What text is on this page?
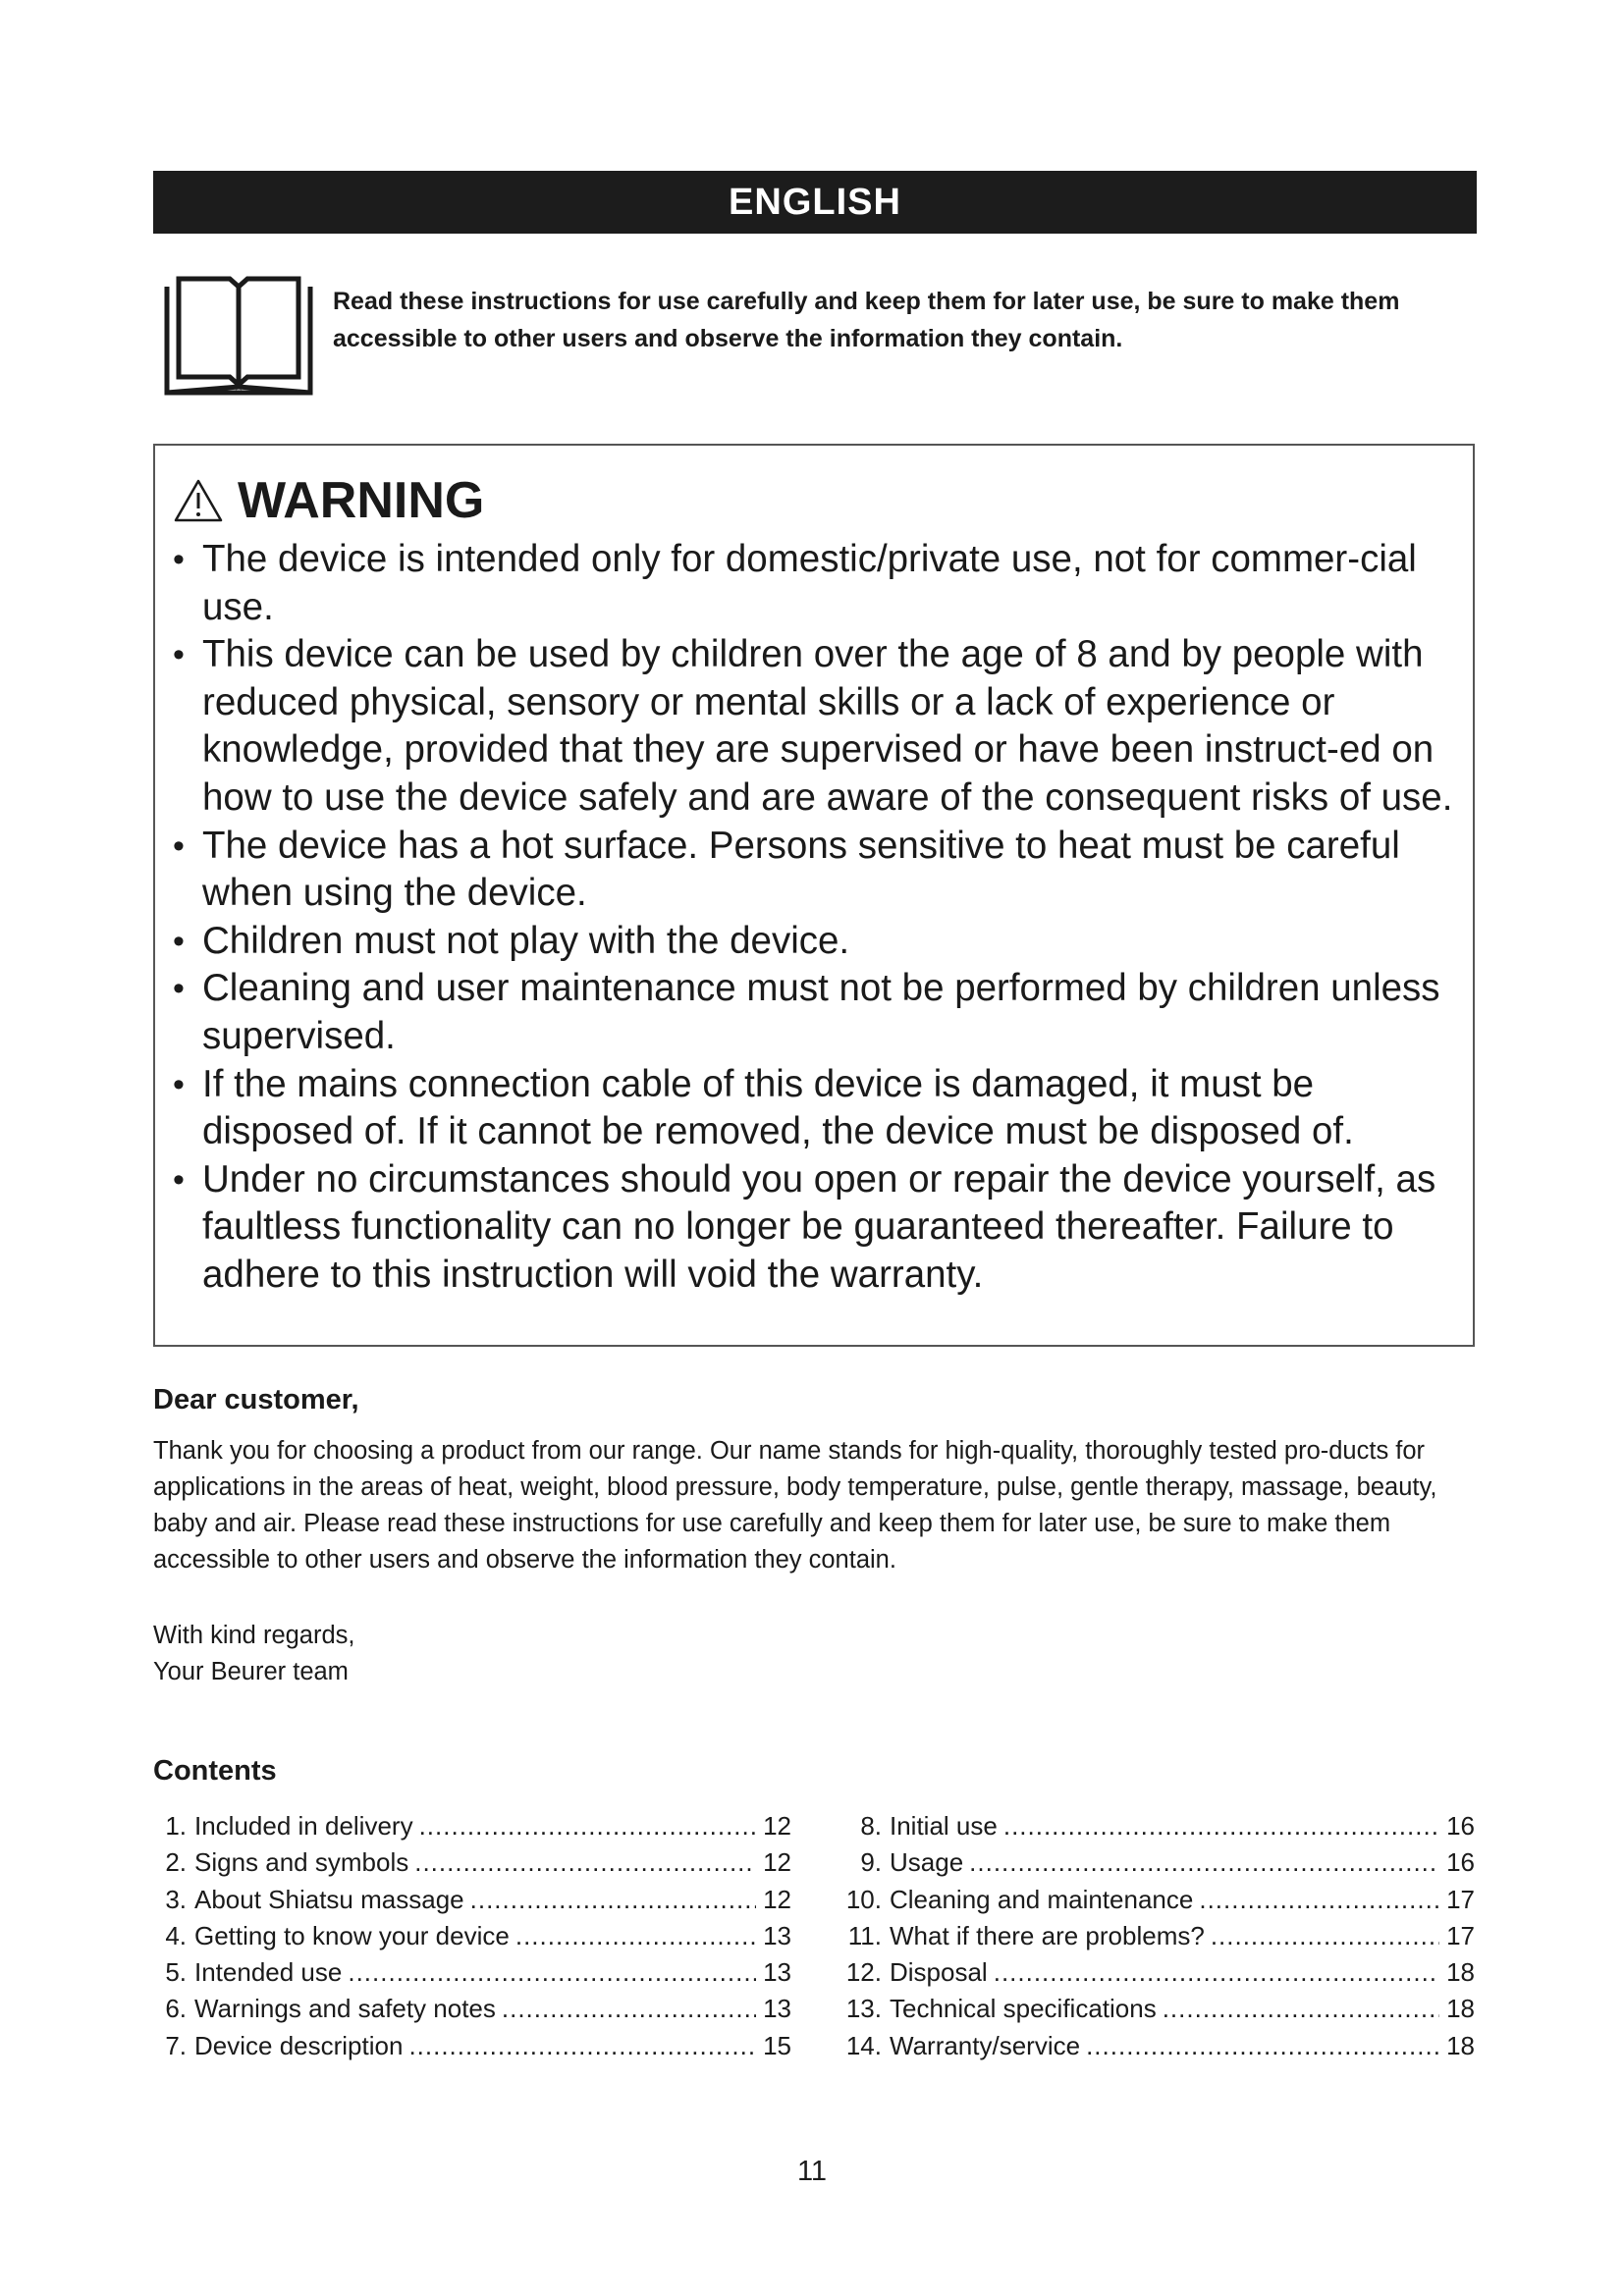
ENGLISH

Read these instructions for use carefully and keep them for later use, be sure to make them accessible to other users and observe the information they contain.

WARNING
• The device is intended only for domestic/private use, not for commer-cial use.
• This device can be used by children over the age of 8 and by people with reduced physical, sensory or mental skills or a lack of experience or knowledge, provided that they are supervised or have been instruct-ed on how to use the device safely and are aware of the consequent risks of use.
• The device has a hot surface. Persons sensitive to heat must be careful when using the device.
• Children must not play with the device.
• Cleaning and user maintenance must not be performed by children unless supervised.
• If the mains connection cable of this device is damaged, it must be disposed of. If it cannot be removed, the device must be disposed of.
• Under no circumstances should you open or repair the device yourself, as faultless functionality can no longer be guaranteed thereafter. Failure to adhere to this instruction will void the warranty.
Dear customer,

Thank you for choosing a product from our range. Our name stands for high-quality, thoroughly tested pro-ducts for applications in the areas of heat, weight, blood pressure, body temperature, pulse, gentle therapy, massage, beauty, baby and air. Please read these instructions for use carefully and keep them for later use, be sure to make them accessible to other users and observe the information they contain.

With kind regards,
Your Beurer team

Contents
1. Included in delivery .....	12
2. Signs and symbols .....	12
3. About Shiatsu massage .....	12
4. Getting to know your device .....	13
5. Intended use .....	13
6. Warnings and safety notes .....	13
7. Device description .....	15
8. Initial use .....	16
9. Usage .....	16
10. Cleaning and maintenance .....	17
11. What if there are problems? .....	17
12. Disposal .....	18
13. Technical specifications .....	18
14. Warranty/service .....	18

11
